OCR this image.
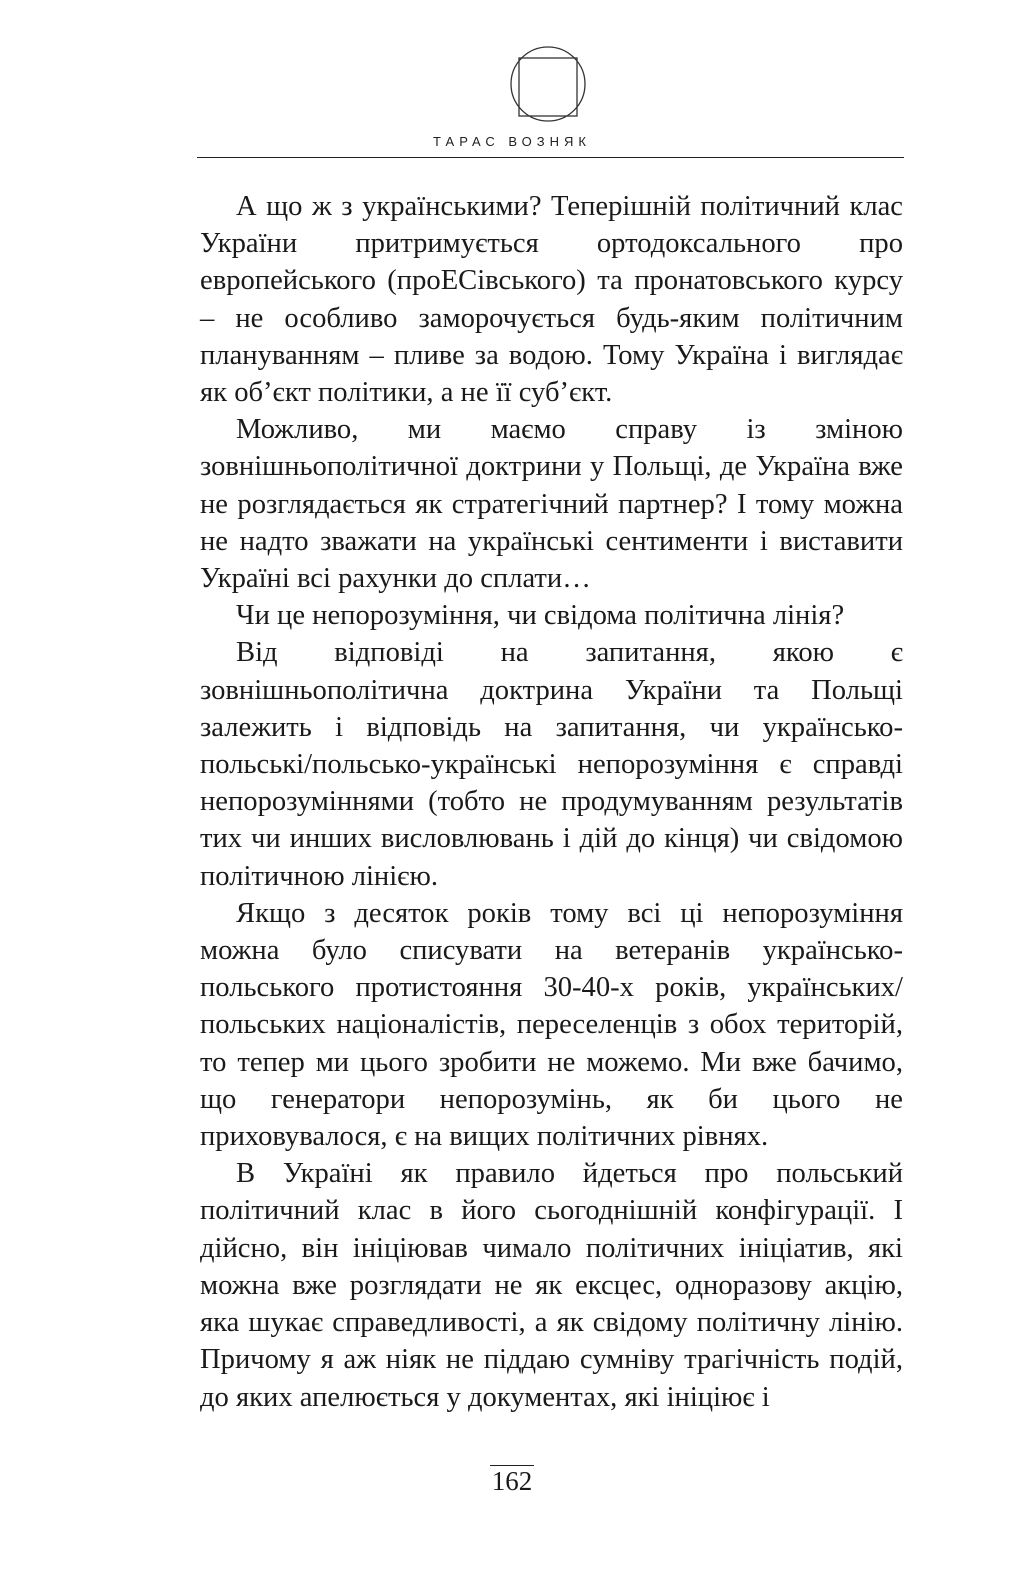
ТАРАС ВОЗНЯК

А що ж з українськими? Теперішній політичний клас України притримується ортодоксального про европейського (проЕСівського) та пронатовського курсу – не особливо заморочується будь-яким політичним плануванням – пливе за водою. Тому Україна і виглядає як об’єкт політики, а не її суб’єкт.

Можливо, ми маємо справу із зміною зовнішньополітичної доктрини у Польщі, де Україна вже не розглядається як стратегічний партнер? І тому можна не надто зважати на українські сентименти і виставити Україні всі рахунки до сплати…

Чи це непорозуміння, чи свідома політична лінія?

Від відповіді на запитання, якою є зовнішньополітична доктрина України та Польщі залежить і відповідь на запитання, чи українсько-польські/польсько-українські непорозуміння є справді непорозуміннями (тобто не продумуванням результатів тих чи инших висловлювань і дій до кінця) чи свідомою політичною лінією.

Якщо з десяток років тому всі ці непорозуміння можна було списувати на ветеранів українсько-польського протистояння 30-40-х років, українських/польських націоналістів, переселенців з обох територій, то тепер ми цього зробити не можемо. Ми вже бачимо, що генератори непорозумінь, як би цього не приховувалося, є на вищих політичних рівнях.

В Україні як правило йдеться про польський політичний клас в його сьогоднішній конфігурації. І дійсно, він ініціював чимало політичних ініціатив, які можна вже розглядати не як ексцес, одноразову акцію, яка шукає справедливості, а як свідому політичну лінію. Причому я аж ніяк не піддаю сумніву трагічність подій, до яких апелюється у документах, які ініціює і

162
